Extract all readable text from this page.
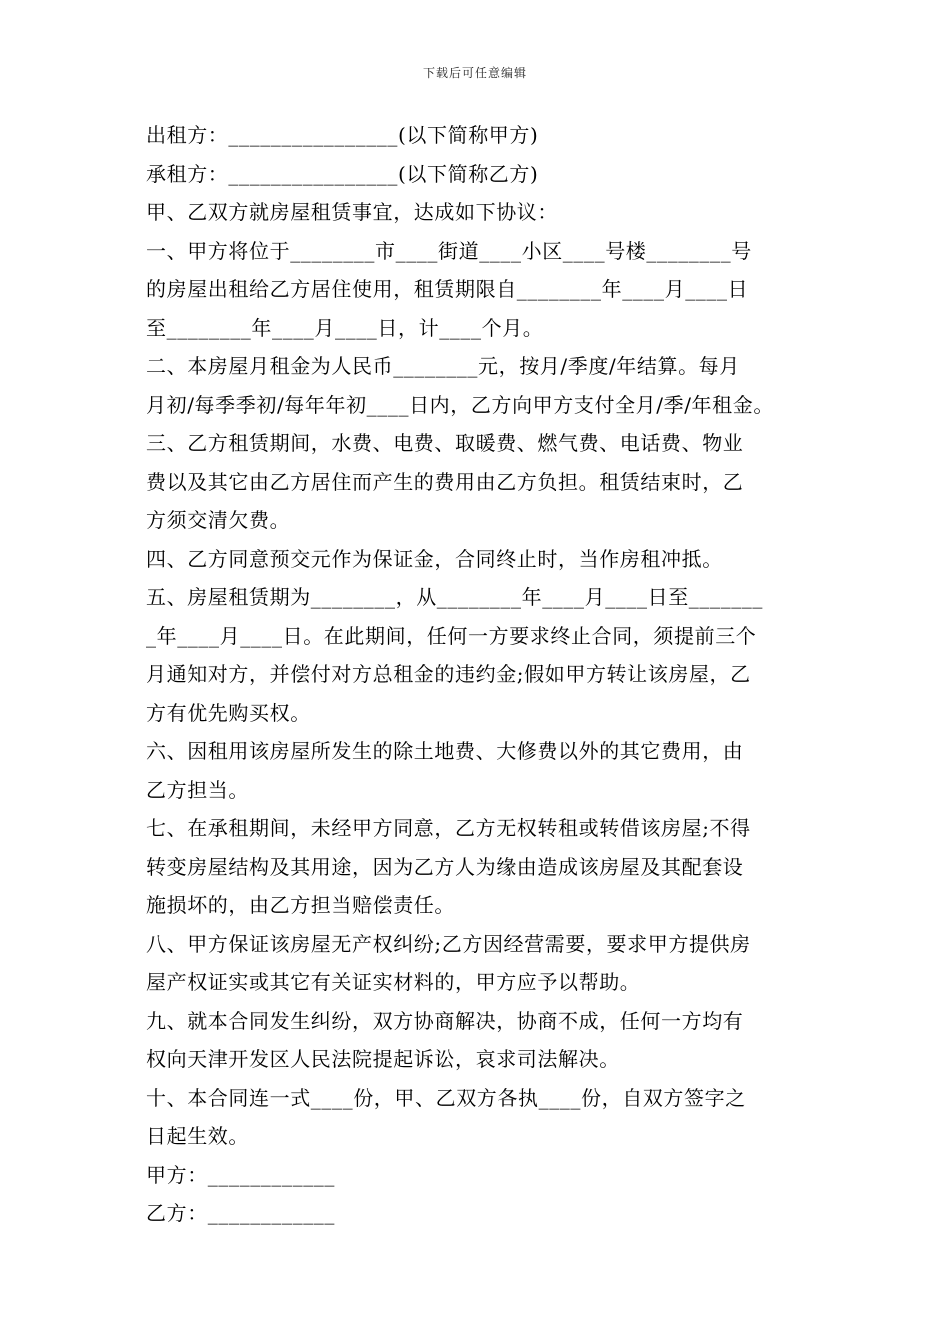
下载后可任意编辑
出租方：________________(以下简称甲方)
承租方：________________(以下简称乙方)
甲、乙双方就房屋租赁事宜，达成如下协议：
一、甲方将位于________市____街道____小区____号楼________号
的房屋出租给乙方居住使用，租赁期限自________年____月____日
至________年____月____日，计____个月。
二、本房屋月租金为人民币________元，按月/季度/年结算。每月
月初/每季季初/每年年初____日内，乙方向甲方支付全月/季/年租金。
三、乙方租赁期间，水费、电费、取暖费、燃气费、电话费、物业
费以及其它由乙方居住而产生的费用由乙方负担。租赁结束时，乙
方须交清欠费。
四、乙方同意预交元作为保证金，合同终止时，当作房租冲抵。
五、房屋租赁期为________，从________年____月____日至_______
_年____月____日。在此期间，任何一方要求终止合同，须提前三个
月通知对方，并偿付对方总租金的违约金;假如甲方转让该房屋，乙
方有优先购买权。
六、因租用该房屋所发生的除土地费、大修费以外的其它费用，由
乙方担当。
七、在承租期间，未经甲方同意，乙方无权转租或转借该房屋;不得
转变房屋结构及其用途，因为乙方人为缘由造成该房屋及其配套设
施损坏的，由乙方担当赔偿责任。
八、甲方保证该房屋无产权纠纷;乙方因经营需要，要求甲方提供房
屋产权证实或其它有关证实材料的，甲方应予以帮助。
九、就本合同发生纠纷，双方协商解决，协商不成，任何一方均有
权向天津开发区人民法院提起诉讼，哀求司法解决。
十、本合同连一式____份，甲、乙双方各执____份，自双方签字之
日起生效。
甲方：____________
乙方：____________
